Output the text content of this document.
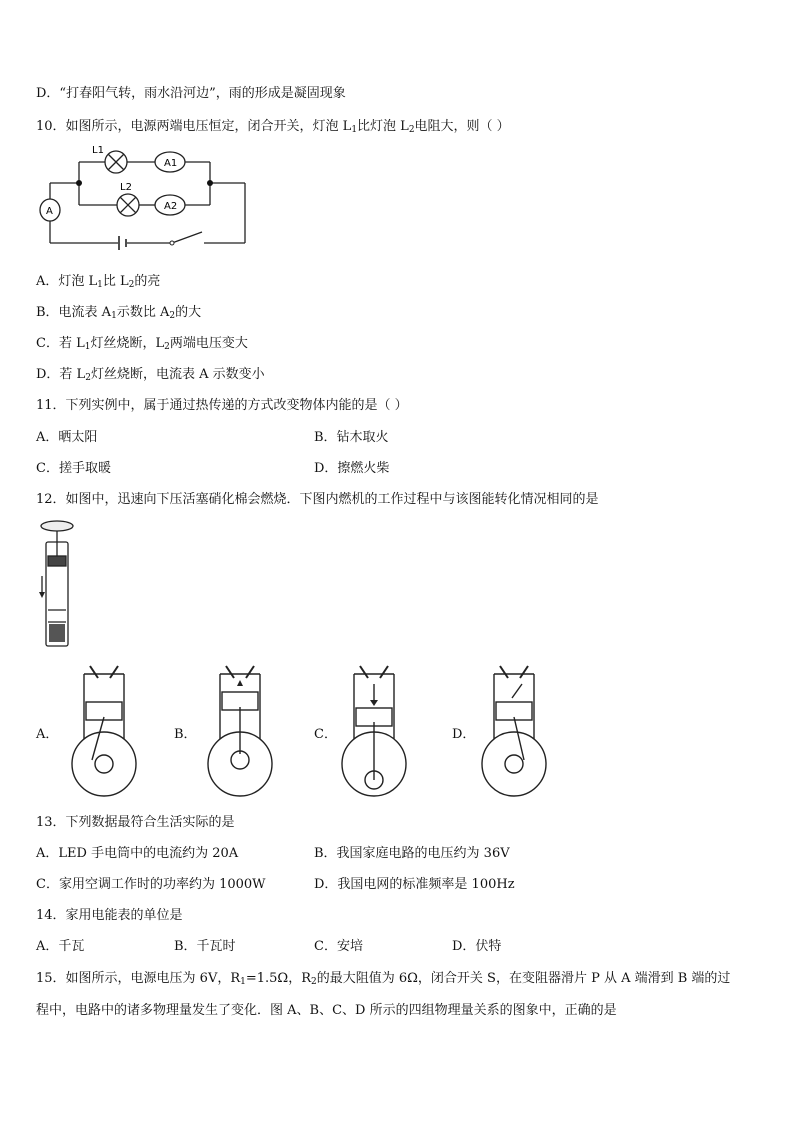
D．“打春阳气转，雨水沿河边”，雨的形成是凝固现象
10．如图所示，电源两端电压恒定，闭合开关，灯泡 $L_1$比灯泡 $L_2$电阻大，则（ ）
L1
L2
A1
A2
A
A．灯泡 $L_1$比 $L_2$的亮
B．电流表 $A_1$示数比 $A_2$的大
C．若 $L_1$灯丝烧断，$L_2$两端电压变大
D．若 $L_2$灯丝烧断，电流表 A 示数变小
11．下列实例中，属于通过热传递的方式改变物体内能的是（ ）
A．晒太阳	B．钻木取火
C．搓手取暖	D．擦燃火柴
12．如图中，迅速向下压活塞硝化棉会燃烧．下图内燃机的工作过程中与该图能转化情况相同的是
A．	B．	C．	D．
13．下列数据最符合生活实际的是
A．LED 手电筒中的电流约为 20A	B．我国家庭电路的电压约为 36V
C．家用空调工作时的功率约为 1000W	D．我国电网的标准频率是 100Hz
14．家用电能表的单位是
A．千瓦	B．千瓦时	C．安培	D．伏特
15．如图所示，电源电压为 6V，$R_1=1.5\Omega$，$R_2$的最大阻值为 6Ω，闭合开关 S，在变阻器滑片 P 从 A 端滑到 B 端的过
程中，电路中的诸多物理量发生了变化．图 A、B、C、D 所示的四组物理量关系的图象中，正确的是
